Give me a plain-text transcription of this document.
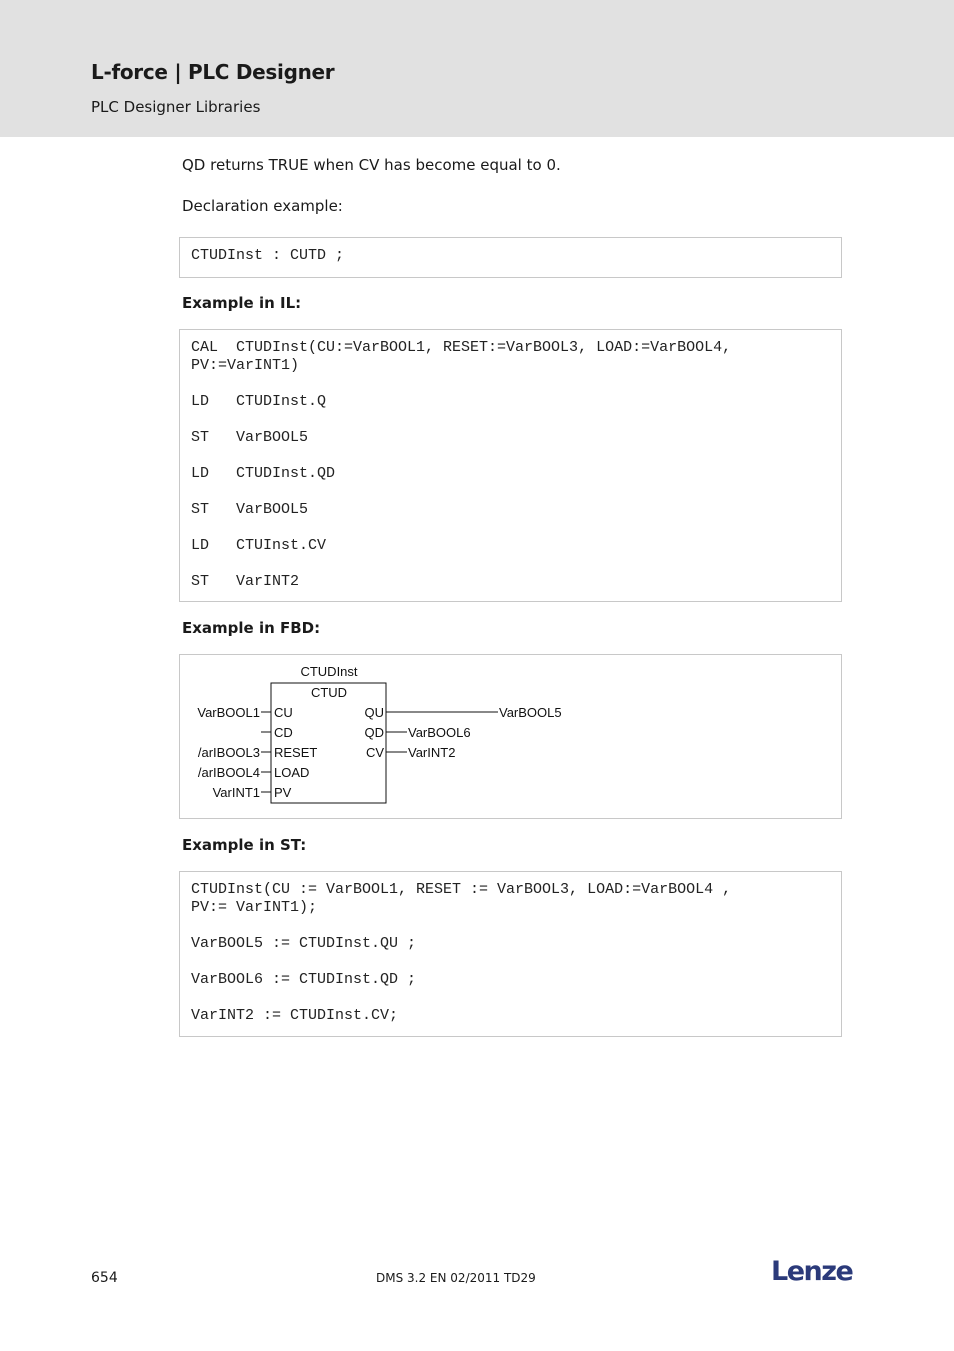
L-force | PLC Designer
PLC Designer Libraries
QD returns TRUE when CV has become equal to 0.
Declaration example:
CTUDInst : CUTD ;
Example in IL:
CAL  CTUDInst(CU:=VarBOOL1, RESET:=VarBOOL3, LOAD:=VarBOOL4,
PV:=VarINT1)
LD   CTUDInst.Q
ST   VarBOOL5
LD   CTUDInst.QD
ST   VarBOOL5
LD   CTUInst.CV
ST   VarINT2
Example in FBD:
CTUDInst
CTUD
VarBOOL1 CU
CD
/arIBOOL3 RESET
/arIBOOL4 LOAD
VarINT1 PV
QU	VarBOOL5
QD VarBOOL6
CV VarINT2
Example in ST:
CTUDInst(CU := VarBOOL1, RESET := VarBOOL3, LOAD:=VarBOOL4 ,
PV:= VarINT1);
VarBOOL5 := CTUDInst.QU ;
VarBOOL6 := CTUDInst.QD ;
VarINT2 := CTUDInst.CV;
654	DMS 3.2 EN 02/2011 TD29	Lenze
